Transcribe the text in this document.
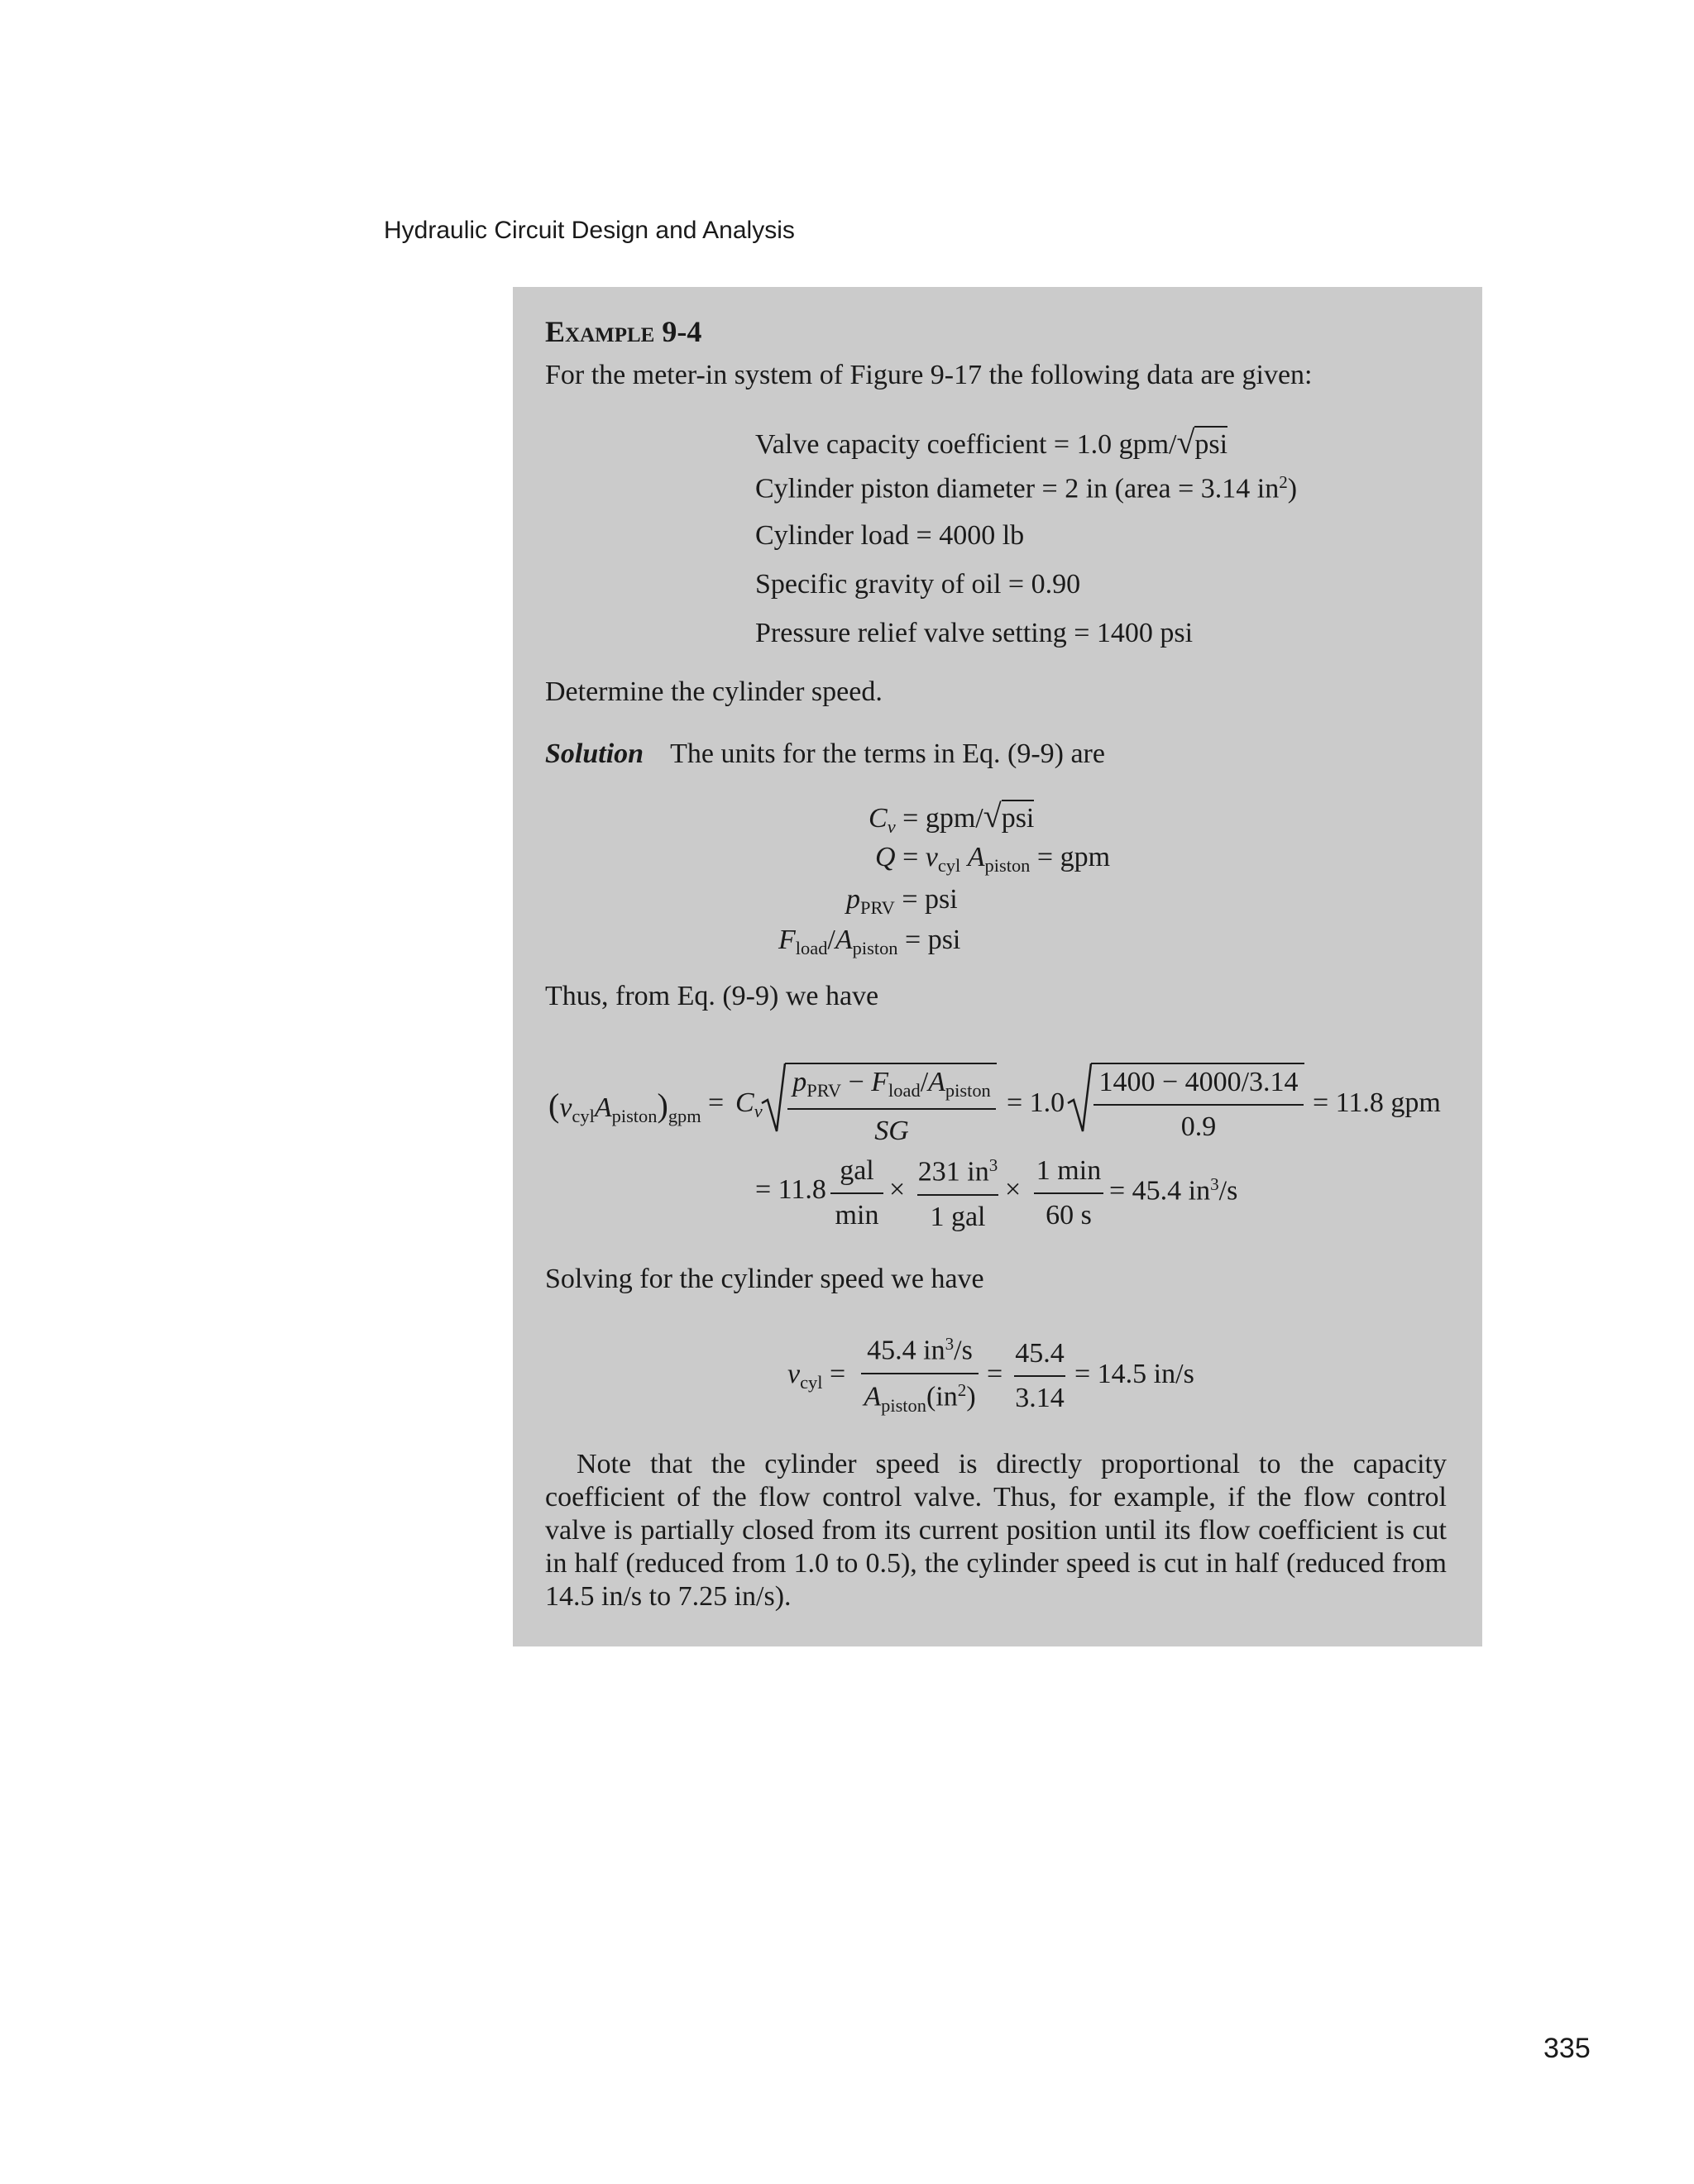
Hydraulic Circuit Design and Analysis
Example 9-4
For the meter-in system of Figure 9-17 the following data are given:
Valve capacity coefficient = 1.0 gpm/√psi
Cylinder piston diameter = 2 in (area = 3.14 $in^2$)
Cylinder load = 4000 lb
Specific gravity of oil = 0.90
Pressure relief valve setting = 1400 psi
Determine the cylinder speed.
Solution The units for the terms in Eq. (9-9) are
$C_v = gpm/√psi$
$Q = v_{cyl}$ $A_{piston}$ = gpm
$p_{PRV}$ = psi
$F_{load}/A_{piston}$ = psi
Thus, from Eq. (9-9) we have
$(v_{cyl}A_{piston})_{gpm} = C_v$
$p_{PRV} - F_{load}/A_{piston}$
SG
= 1.0
1400 − 4000/3.14
0.9
= 11.8 gpm
= 11.8
gal
min
×
231 $in^3$
1 gal
×
1 min
60 s
= 45.4 $in^3/s$
Solving for the cylinder speed we have
$v_{cyl}$ =
45.4 $in^3/s$
$A_{piston}(in^2)$
=
45.4
3.14
= 14.5 in/s
Note that the cylinder speed is directly proportional to the capacity coefficient of the flow control valve. Thus, for example, if the flow control valve is partially closed from its current position until its flow coefficient is cut in half (reduced from 1.0 to 0.5), the cylinder speed is cut in half (reduced from 14.5 in/s to 7.25 in/s).
335
